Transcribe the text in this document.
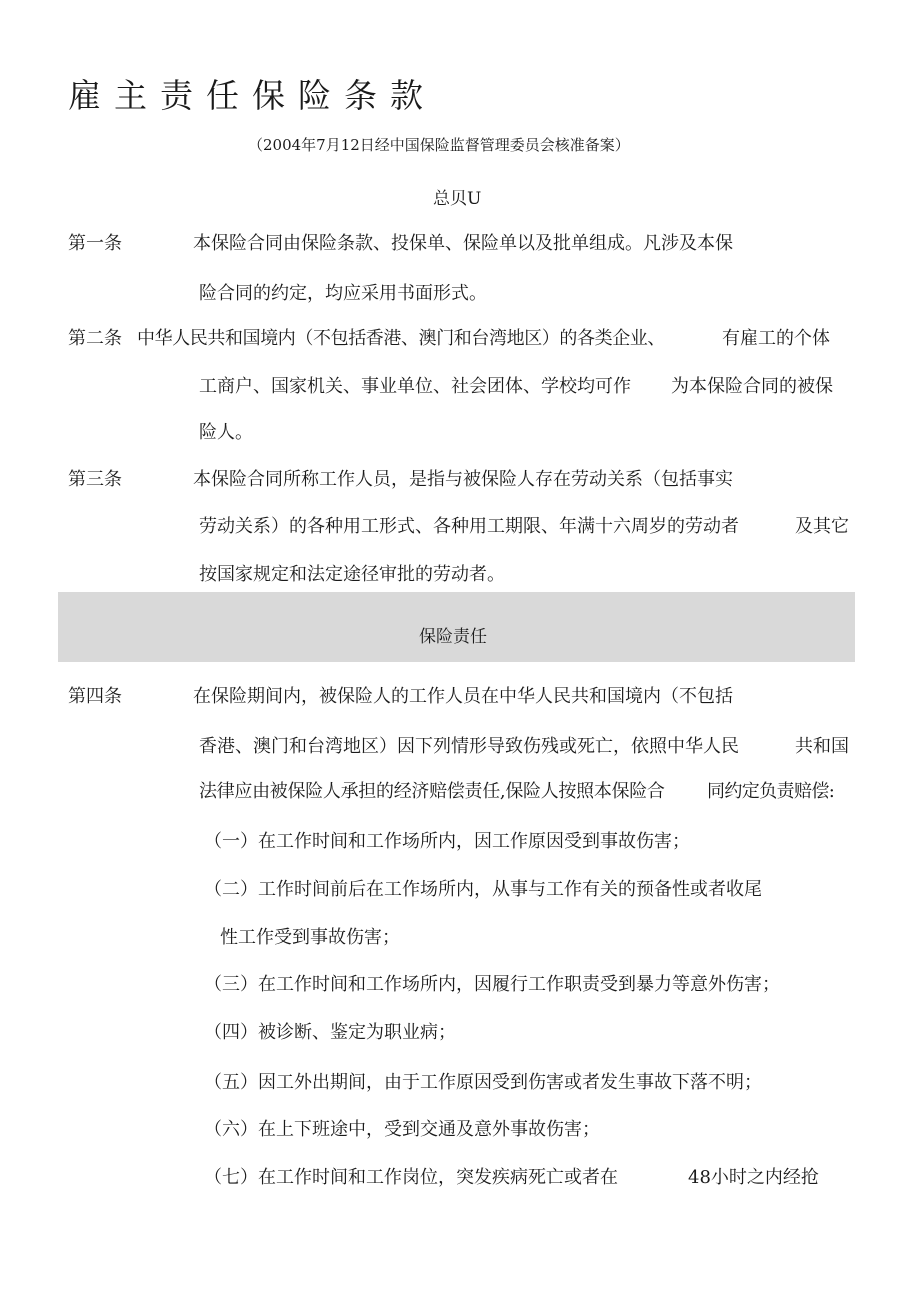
雇主责任保险条款
（2004年7月12日经中国保险监督管理委员会核准备案）
总贝U
第一条	本保险合同由保险条款、投保单、保险单以及批单组成。凡涉及本保
险合同的约定，均应采用书面形式。
第二条 中华人民共和国境内（不包括香港、澳门和台湾地区）的各类企业、	有雇工的个体
工商户、国家机关、事业单位、社会团体、学校均可作 为本保险合同的被保
险人。
第三条	本保险合同所称工作人员，是指与被保险人存在劳动关系（包括事实
劳动关系）的各种用工形式、各种用工期限、年满十六周岁的劳动者	及其它
按国家规定和法定途径审批的劳动者。
保险责任
第四条	在保险期间内，被保险人的工作人员在中华人民共和国境内（不包括
香港、澳门和台湾地区）因下列情形导致伤残或死亡，依照中华人民	共和国
法律应由被保险人承担的经济赔偿责任,保险人按照本保险合 同约定负责赔偿:
（一）在工作时间和工作场所内，因工作原因受到事故伤害；
（二）工作时间前后在工作场所内，从事与工作有关的预备性或者收尾
性工作受到事故伤害；
（三）在工作时间和工作场所内，因履行工作职责受到暴力等意外伤害；
（四）被诊断、鉴定为职业病；
（五）因工外出期间，由于工作原因受到伤害或者发生事故下落不明；
（六）在上下班途中，受到交通及意外事故伤害；
（七）在工作时间和工作岗位，突发疾病死亡或者在	48小时之内经抢
